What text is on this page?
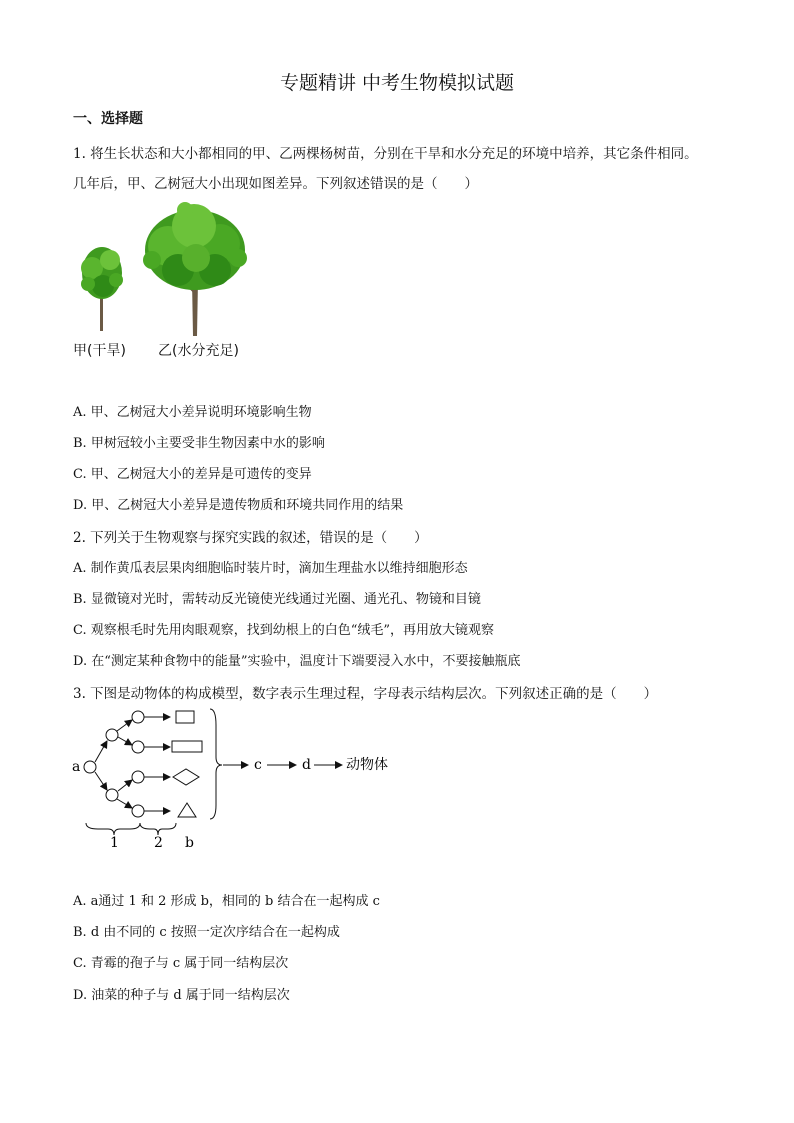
专题精讲 中考生物模拟试题
一、选择题
1. 将生长状态和大小都相同的甲、乙两棵杨树苗，分别在干旱和水分充足的环境中培养，其它条件相同。
几年后，甲、乙树冠大小出现如图差异。下列叙述错误的是（　　）
甲(干旱) 乙(水分充足)
A. 甲、乙树冠大小差异说明环境影响生物
B. 甲树冠较小主要受非生物因素中水的影响
C. 甲、乙树冠大小的差异是可遗传的变异
D. 甲、乙树冠大小差异是遗传物质和环境共同作用的结果
2. 下列关于生物观察与探究实践的叙述，错误的是（　　）
A. 制作黄瓜表层果肉细胞临时装片时，滴加生理盐水以维持细胞形态
B. 显微镜对光时，需转动反光镜使光线通过光圈、通光孔、物镜和目镜
C. 观察根毛时先用肉眼观察，找到幼根上的白色“绒毛”，再用放大镜观察
D. 在“测定某种食物中的能量”实验中，温度计下端要浸入水中，不要接触瓶底
3. 下图是动物体的构成模型，数字表示生理过程，字母表示结构层次。下列叙述正确的是（　　）
a	c	d	动物体
1	2 b
A. a通过 1 和 2 形成 b，相同的 b 结合在一起构成 c
B. d 由不同的 c 按照一定次序结合在一起构成
C. 青霉的孢子与 c 属于同一结构层次
D. 油菜的种子与 d 属于同一结构层次
